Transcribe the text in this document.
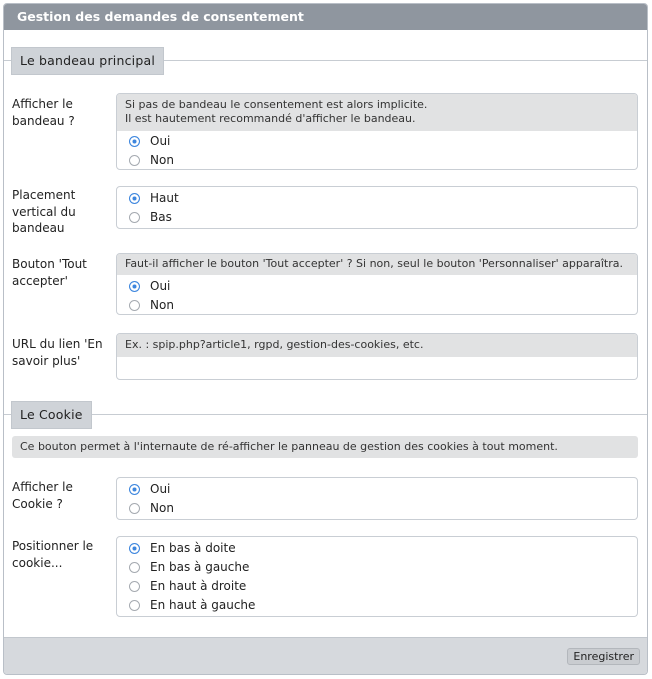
Gestion des demandes de consentement
Le bandeau principal
Afficher le bandeau ?
Si pas de bandeau le consentement est alors implicite.
Il est hautement recommandé d'afficher le bandeau.
Oui
Non
Placement vertical du bandeau
Haut
Bas
Bouton 'Tout accepter'
Faut-il afficher le bouton 'Tout accepter' ? Si non, seul le bouton 'Personnaliser' apparaîtra.
Oui
Non
URL du lien 'En savoir plus'
Ex. : spip.php?article1, rgpd, gestion-des-cookies, etc.
Le Cookie
Ce bouton permet à l'internaute de ré-afficher le panneau de gestion des cookies à tout moment.
Afficher le Cookie ?
Oui
Non
Positionner le cookie...
En bas à doite
En bas à gauche
En haut à droite
En haut à gauche
Enregistrer
